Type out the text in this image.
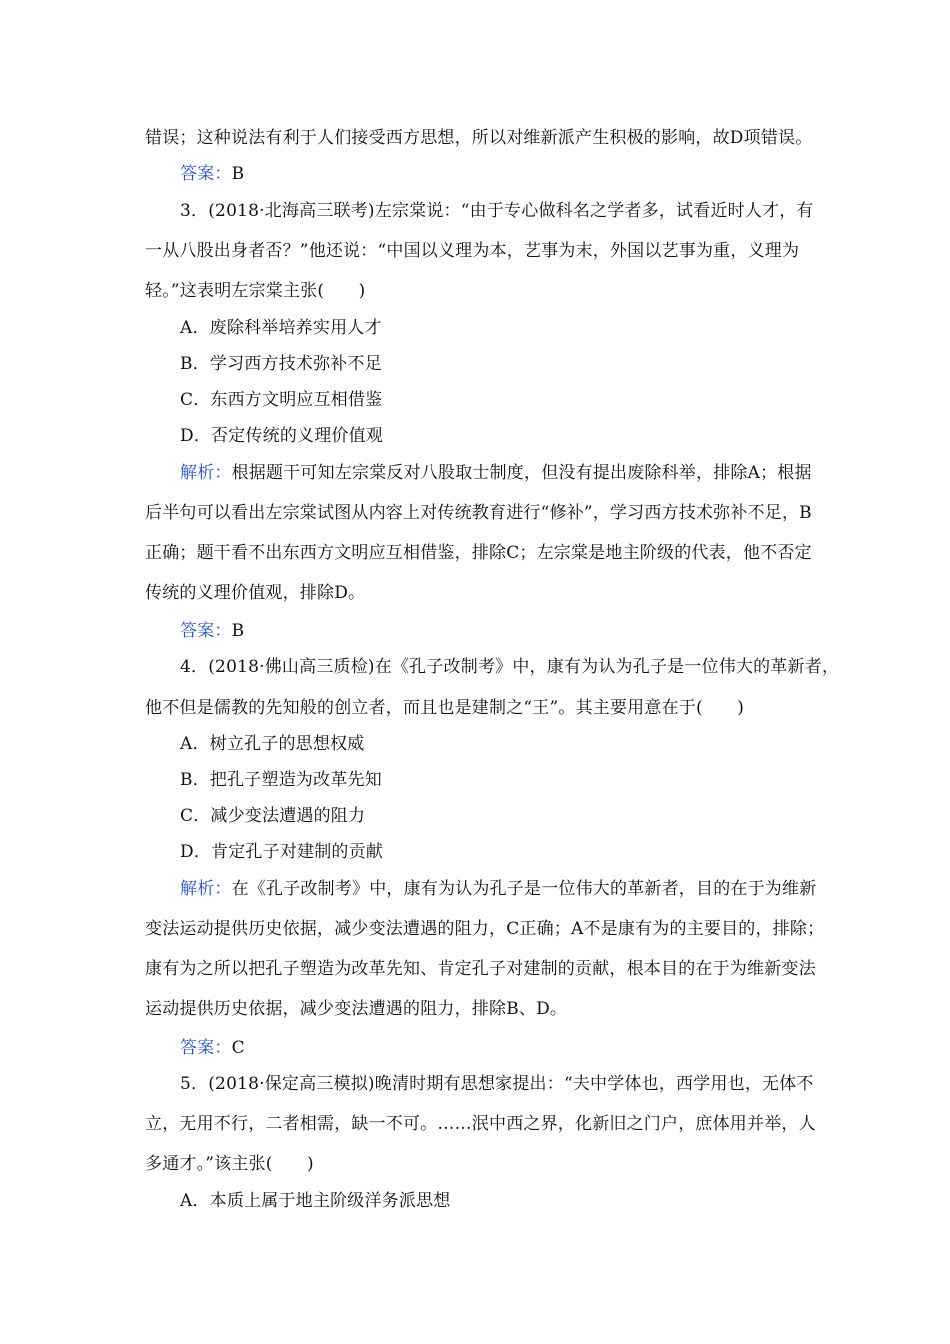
错误；这种说法有利于人们接受西方思想，所以对维新派产生积极的影响，故D项错误。
答案：B
3．(2018·北海高三联考)左宗棠说：“由于专心做科名之学者多，试看近时人才，有
一从八股出身者否？”他还说：“中国以义理为本，艺事为末，外国以艺事为重，义理为
轻。”这表明左宗棠主张(　　)
A．废除科举培养实用人才
B．学习西方技术弥补不足
C．东西方文明应互相借鉴
D．否定传统的义理价值观
解析：根据题干可知左宗棠反对八股取士制度，但没有提出废除科举，排除A；根据
后半句可以看出左宗棠试图从内容上对传统教育进行“修补”，学习西方技术弥补不足，B
正确；题干看不出东西方文明应互相借鉴，排除C；左宗棠是地主阶级的代表，他不否定
传统的义理价值观，排除D。
答案：B
4．(2018·佛山高三质检)在《孔子改制考》中，康有为认为孔子是一位伟大的革新者，
他不但是儒教的先知般的创立者，而且也是建制之“王”。其主要用意在于(　　)
A．树立孔子的思想权威
B．把孔子塑造为改革先知
C．减少变法遭遇的阻力
D．肯定孔子对建制的贡献
解析：在《孔子改制考》中，康有为认为孔子是一位伟大的革新者，目的在于为维新
变法运动提供历史依据，减少变法遭遇的阻力，C正确；A不是康有为的主要目的，排除；
康有为之所以把孔子塑造为改革先知、肯定孔子对建制的贡献，根本目的在于为维新变法
运动提供历史依据，减少变法遭遇的阻力，排除B、D。
答案：C
5．(2018·保定高三模拟)晚清时期有思想家提出：“夫中学体也，西学用也，无体不
立，无用不行，二者相需，缺一不可。……泯中西之界，化新旧之门户，庶体用并举，人
多通才。”该主张(　　)
A．本质上属于地主阶级洋务派思想
